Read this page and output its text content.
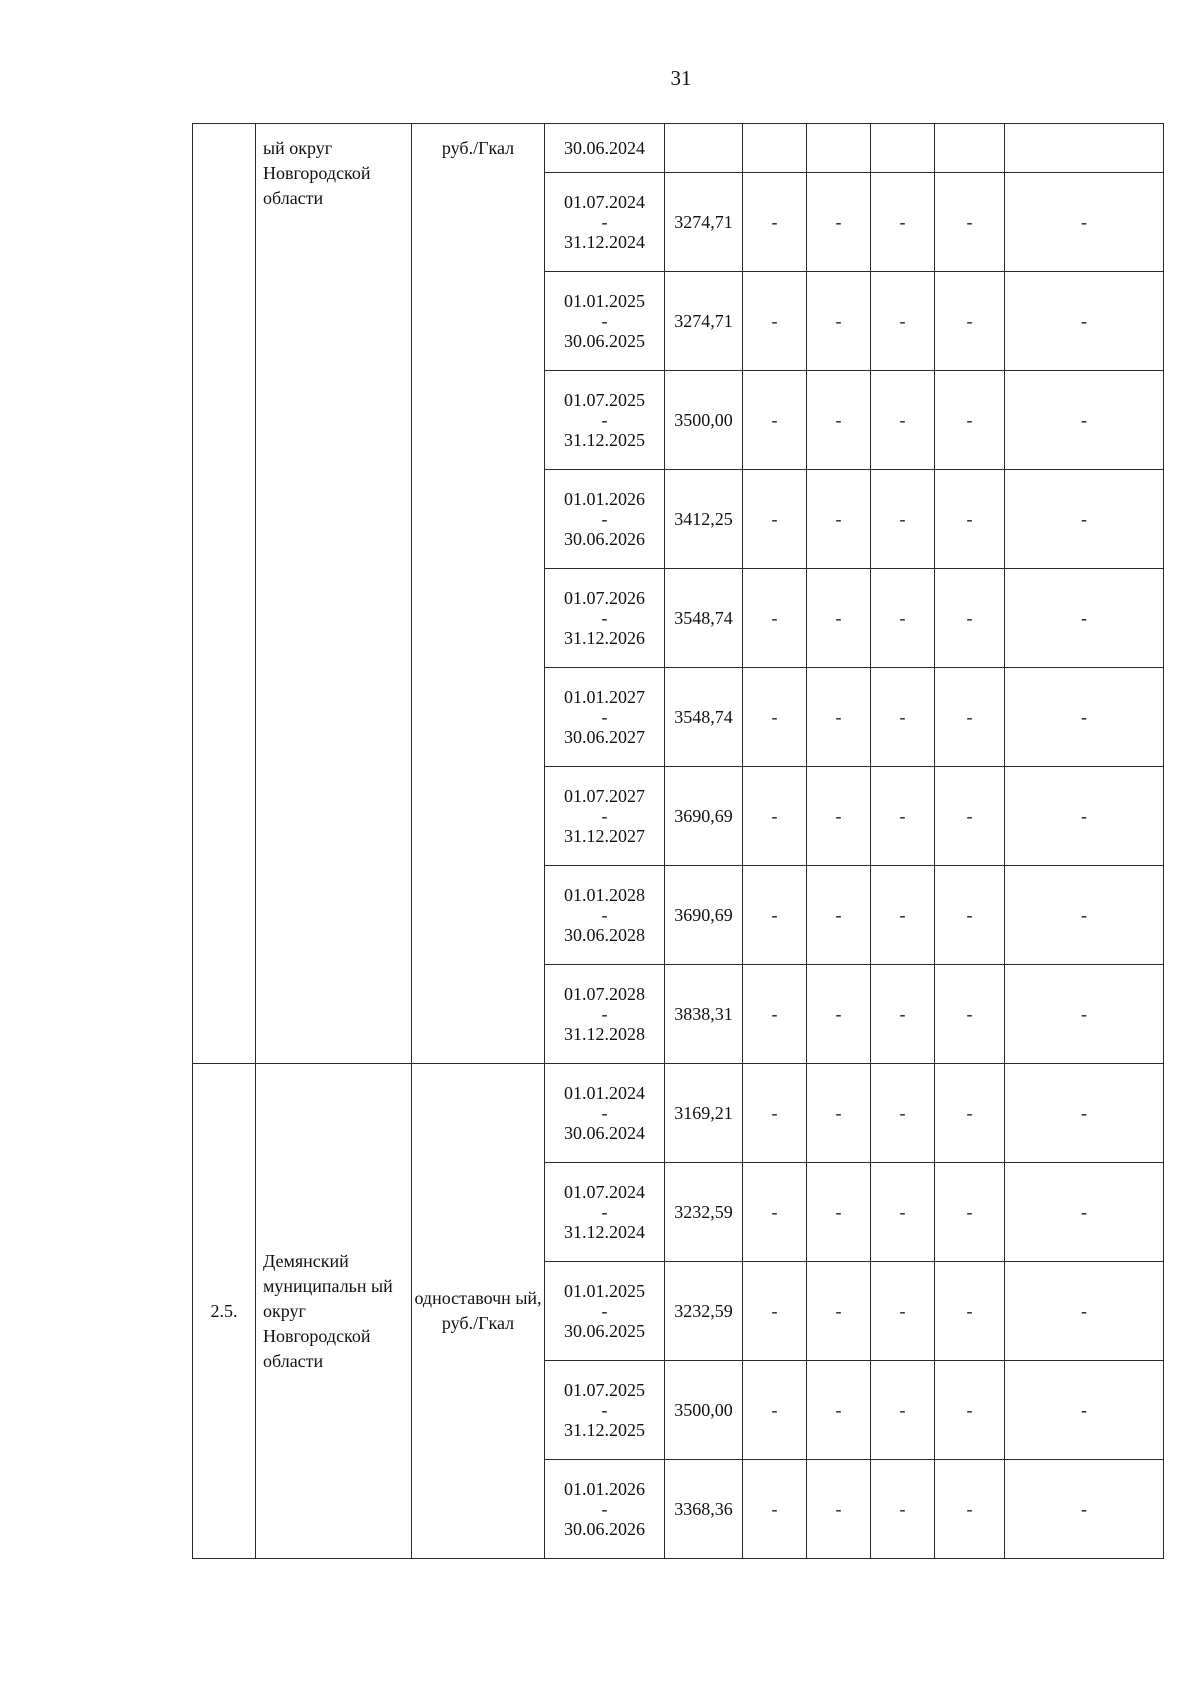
31

	ый округ Новгородской области	руб./Гкал	30.06.2024						

			01.07.2024
-
31.12.2024	3274,71	-	-	-	-	-

			01.01.2025
-
30.06.2025	3274,71	-	-	-	-	-

			01.07.2025
-
31.12.2025	3500,00	-	-	-	-	-

			01.01.2026
-
30.06.2026	3412,25	-	-	-	-	-

			01.07.2026
-
31.12.2026	3548,74	-	-	-	-	-

			01.01.2027
-
30.06.2027	3548,74	-	-	-	-	-

			01.07.2027
-
31.12.2027	3690,69	-	-	-	-	-

			01.01.2028
-
30.06.2028	3690,69	-	-	-	-	-

			01.07.2028
-
31.12.2028	3838,31	-	-	-	-	-
2.5.	Демянский муниципальн ый округ Новгородской области	одноставочн ый, руб./Гкал	01.01.2024
-
30.06.2024	3169,21	-	-	-	-	-

			01.07.2024
-
31.12.2024	3232,59	-	-	-	-	-

			01.01.2025
-
30.06.2025	3232,59	-	-	-	-	-

			01.07.2025
-
31.12.2025	3500,00	-	-	-	-	-

			01.01.2026
-
30.06.2026	3368,36	-	-	-	-	-
